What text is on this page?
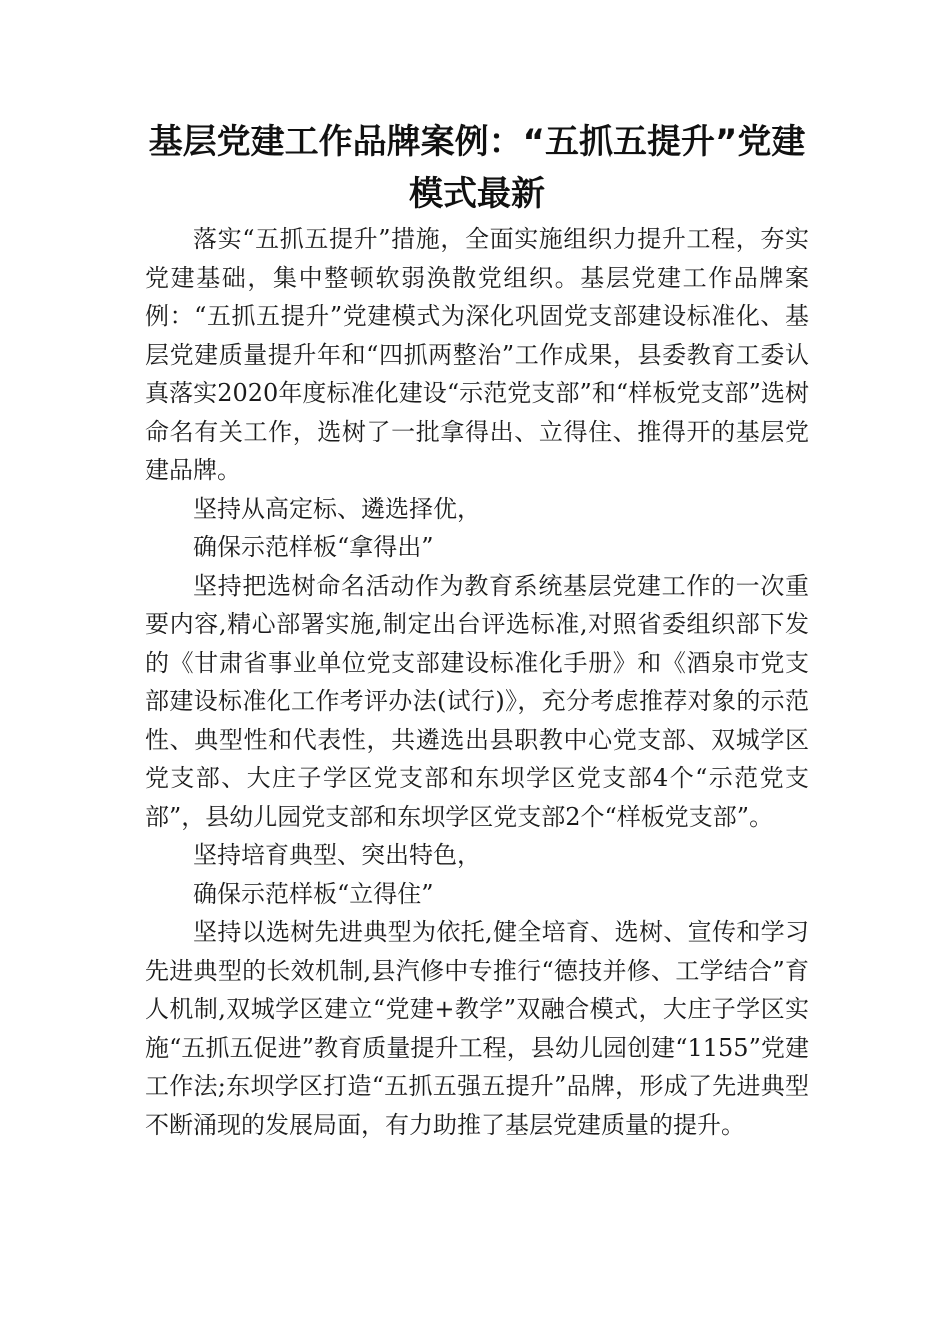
基层党建工作品牌案例：“五抓五提升”党建模式最新

落实“五抓五提升”措施，全面实施组织力提升工程，夯实党建基础，集中整顿软弱涣散党组织。基层党建工作品牌案例：“五抓五提升”党建模式为深化巩固党支部建设标准化、基层党建质量提升年和“四抓两整治”工作成果，县委教育工委认真落实2020年度标准化建设“示范党支部”和“样板党支部”选树命名有关工作，选树了一批拿得出、立得住、推得开的基层党建品牌。

坚持从高定标、遴选择优，

确保示范样板“拿得出”

坚持把选树命名活动作为教育系统基层党建工作的一次重要内容,精心部署实施,制定出台评选标准,对照省委组织部下发的《甘肃省事业单位党支部建设标准化手册》和《酒泉市党支部建设标准化工作考评办法(试行)》，充分考虑推荐对象的示范性、典型性和代表性，共遴选出县职教中心党支部、双城学区党支部、大庄子学区党支部和东坝学区党支部4个“示范党支部”，县幼儿园党支部和东坝学区党支部2个“样板党支部”。

坚持培育典型、突出特色，

确保示范样板“立得住”

坚持以选树先进典型为依托,健全培育、选树、宣传和学习先进典型的长效机制,县汽修中专推行“德技并修、工学结合”育人机制,双城学区建立“党建+教学”双融合模式，大庄子学区实施“五抓五促进”教育质量提升工程，县幼儿园创建“1155”党建工作法;东坝学区打造“五抓五强五提升”品牌，形成了先进典型不断涌现的发展局面，有力助推了基层党建质量的提升。
